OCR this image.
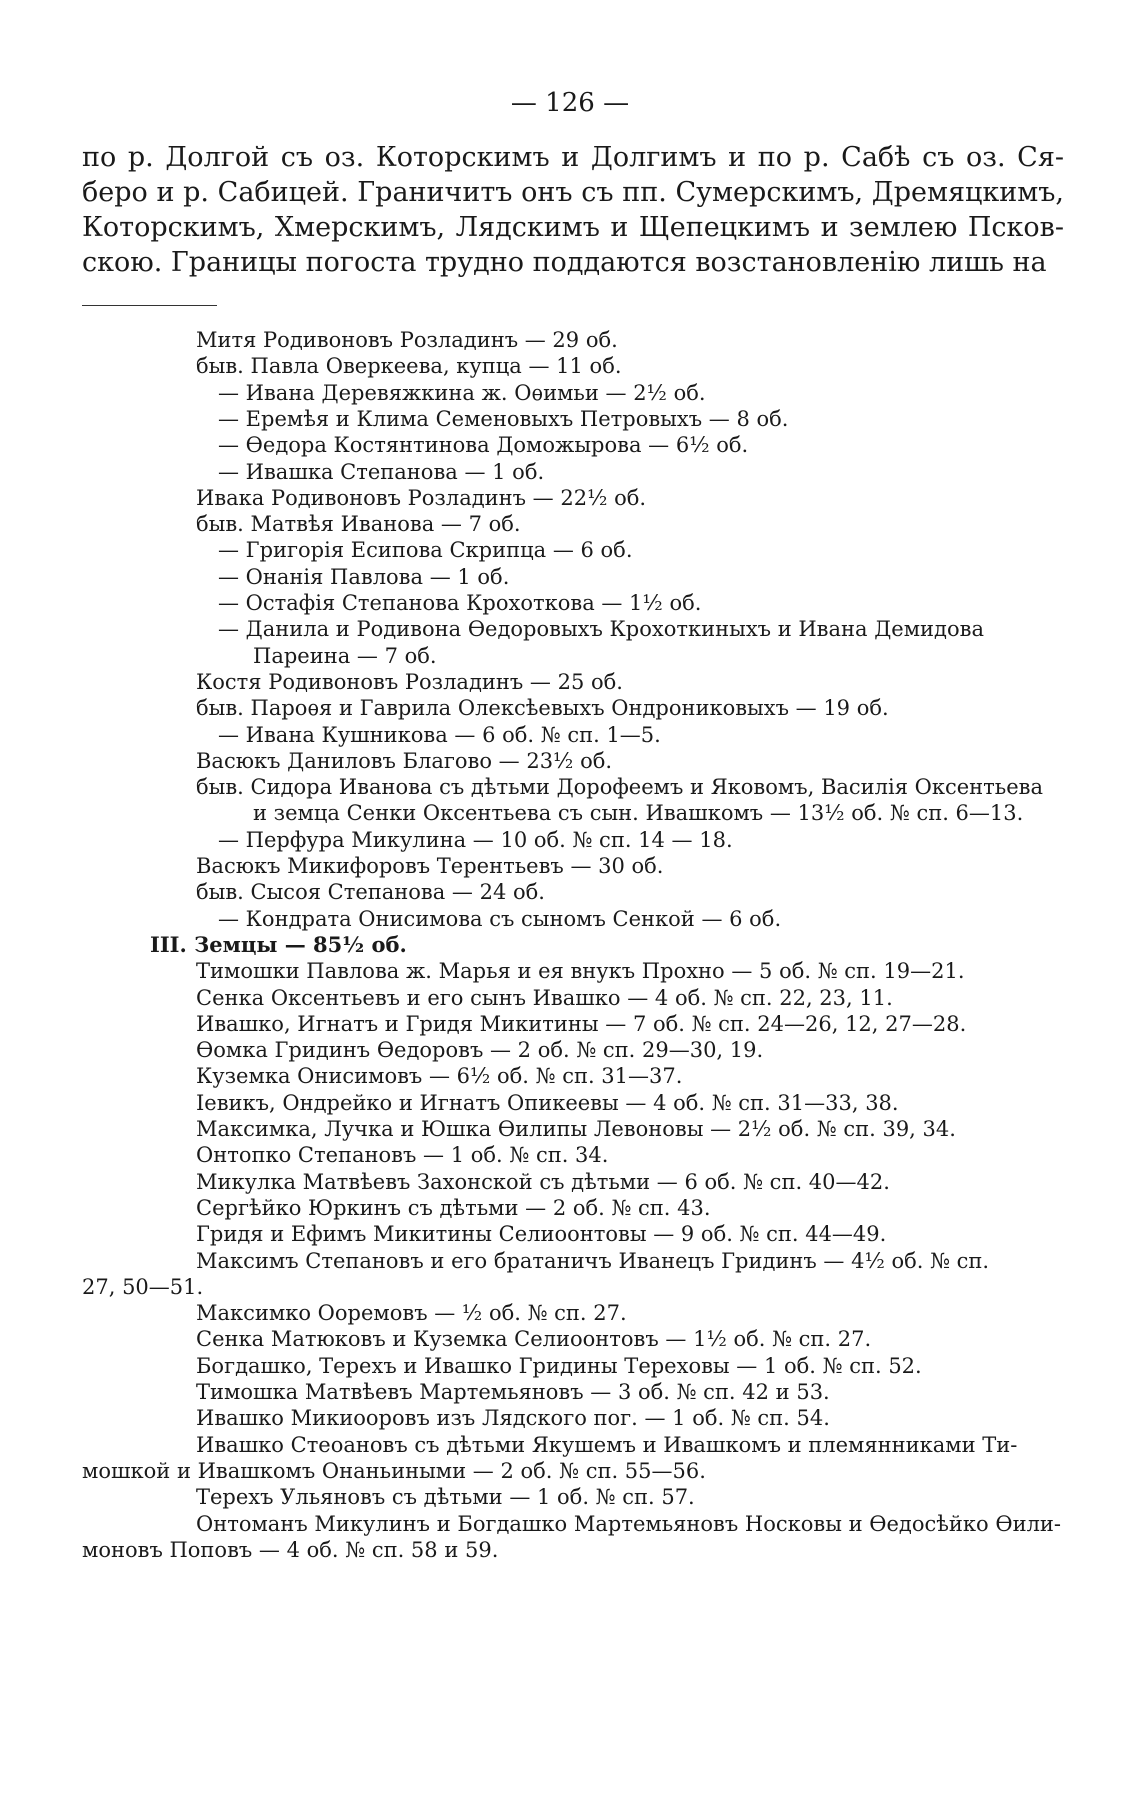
— 126 —
по р. Долгой съ оз. Которскимъ и Долгимъ и по р. Сабѣ съ оз. Ся-
беро и р. Сабицей. Граничитъ онъ съ пп. Сумерскимъ, Дремяцкимъ,
Которскимъ, Хмерскимъ, Лядскимъ и Щепецкимъ и землею Псков-
скою. Границы погоста трудно поддаются возстановленію лишь на
Митя Родивоновъ Розладинъ — 29 об.
быв. Павла Оверкеева, купца — 11 об.
— Ивана Деревяжкина ж. Оѳимьи — 2½ об.
— Еремѣя и Клима Семеновыхъ Петровыхъ — 8 об.
— Ѳедора Костянтинова Доможырова — 6½ об.
— Ивашка Степанова — 1 об.
Ивака Родивоновъ Розладинъ — 22½ об.
быв. Матвѣя Иванова — 7 об.
— Григорія Есипова Скрипца — 6 об.
— Онанія Павлова — 1 об.
— Остафія Степанова Крохоткова — 1½ об.
— Данила и Родивона Ѳедоровыхъ Крохоткиныхъ и Ивана Демидова
Пареина — 7 об.
Костя Родивоновъ Розладинъ — 25 об.
быв. Пароѳя и Гаврила Олексѣевыхъ Ондрониковыхъ — 19 об.
— Ивана Кушникова — 6 об. № сп. 1—5.
Васюкъ Даниловъ Благово — 23½ об.
быв. Сидора Иванова съ дѣтьми Дорофеемъ и Яковомъ, Василія Оксентьева
и земца Сенки Оксентьева съ сын. Ивашкомъ — 13½ об. № сп. 6—13.
— Перфура Микулина — 10 об. № сп. 14 — 18.
Васюкъ Микифоровъ Терентьевъ — 30 об.
быв. Сысоя Степанова — 24 об.
— Кондрата Онисимова съ сыномъ Сенкой — 6 об.
III. Земцы — 85½ об.
Тимошки Павлова ж. Марья и ея внукъ Прохно — 5 об. № сп. 19—21.
Сенка Оксентьевъ и его сынъ Ивашко — 4 об. № сп. 22, 23, 11.
Ивашко, Игнатъ и Гридя Микитины — 7 об. № сп. 24—26, 12, 27—28.
Ѳомка Гридинъ Ѳедоровъ — 2 об. № сп. 29—30, 19.
Куземка Онисимовъ — 6½ об. № сп. 31—37.
Іевикъ, Ондрейко и Игнатъ Опикеевы — 4 об. № сп. 31—33, 38.
Максимка, Лучка и Юшка Ѳилипы Левоновы — 2½ об. № сп. 39, 34.
Онтопко Степановъ — 1 об. № сп. 34.
Микулка Матвѣевъ Захонской съ дѣтьми — 6 об. № сп. 40—42.
Сергѣйко Юркинъ съ дѣтьми — 2 об. № сп. 43.
Гридя и Ефимъ Микитины Селиоонтовы — 9 об. № сп. 44—49.
Максимъ Степановъ и его братаничъ Иванецъ Гридинъ — 4½ об. № сп.
27, 50—51.
Максимко Ооремовъ — ½ об. № сп. 27.
Сенка Матюковъ и Куземка Селиоонтовъ — 1½ об. № сп. 27.
Богдашко, Терехъ и Ивашко Гридины Тереховы — 1 об. № сп. 52.
Тимошка Матвѣевъ Мартемьяновъ — 3 об. № сп. 42 и 53.
Ивашко Микиооровъ изъ Лядского пог. — 1 об. № сп. 54.
Ивашко Стеоановъ съ дѣтьми Якушемъ и Ивашкомъ и племянниками Ти-
мошкой и Ивашкомъ Онаньиными — 2 об. № сп. 55—56.
Терехъ Ульяновъ съ дѣтьми — 1 об. № сп. 57.
Онтоманъ Микулинъ и Богдашко Мартемьяновъ Носковы и Ѳедосѣйко Ѳили-
моновъ Поповъ — 4 об. № сп. 58 и 59.
